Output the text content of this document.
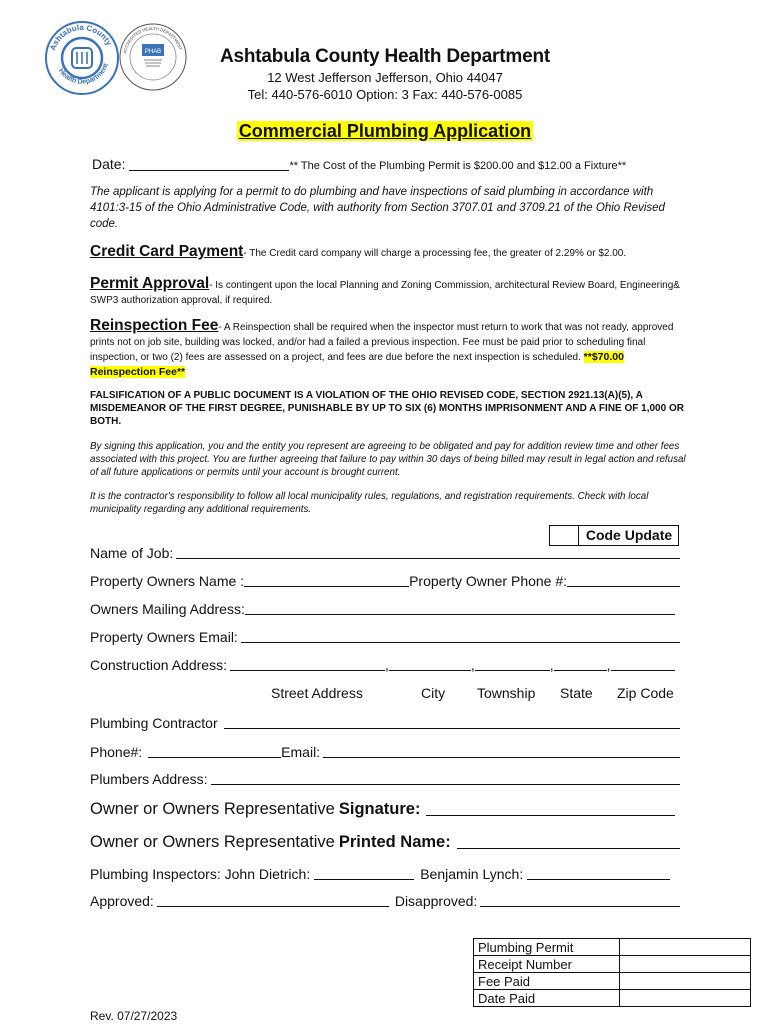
Ashtabula County
Health Department
PHAB
ACCREDITED HEALTH DEPARTMENT	Ashtabula County Health Department
12 West Jefferson Jefferson, Ohio 44047
Tel: 440-576-6010 Option: 3 Fax: 440-576-0085
Commercial Plumbing Application
Date:	** The Cost of the Plumbing Permit is $200.00 and $12.00 a Fixture**
The applicant is applying for a permit to do plumbing and have inspections of said plumbing in accordance with 4101:3-15 of the Ohio Administrative Code, with authority from Section 3707.01 and 3709.21 of the Ohio Revised code.
Credit Card Payment- The Credit card company will charge a processing fee, the greater of 2.29% or $2.00.
Permit Approval- Is contingent upon the local Planning and Zoning Commission, architectural Review Board, Engineering& SWP3 authorization approval, if required.
Reinspection Fee- A Reinspection shall be required when the inspector must return to work that was not ready, approved prints not on job site, building was locked, and/or had a failed a previous inspection. Fee must be paid prior to scheduling final inspection, or two (2) fees are assessed on a project, and fees are due before the next inspection is scheduled. **$70.00 Reinspection Fee**
FALSIFICATION OF A PUBLIC DOCUMENT IS A VIOLATION OF THE OHIO REVISED CODE, SECTION 2921.13(A)(5), A MISDEMEANOR OF THE FIRST DEGREE, PUNISHABLE BY UP TO SIX (6) MONTHS IMPRISONMENT AND A FINE OF 1,000 OR BOTH.
By signing this application, you and the entity you represent are agreeing to be obligated and pay for addition review time and other fees associated with this project. You are further agreeing that failure to pay within 30 days of being billed may result in legal action and refusal of all future applications or permits until your account is brought current.
It is the contractor's responsibility to follow all local municipality rules, regulations, and registration requirements. Check with local municipality regarding any additional requirements.
Code Update
Name of Job:
Property Owners Name :	Property Owner Phone #:
Owners Mailing Address:
Property Owners Email:
Construction Address:	,	,	,	,
Street Address	City Township State Zip Code
Plumbing Contractor
Phone#:	Email:
Plumbers Address:
Owner or Owners Representative Signature:
Owner or Owners Representative Printed Name:
Plumbing Inspectors: John Dietrich:	Benjamin Lynch:
Approved:	Disapproved:
Plumbing Permit	
Receipt Number	
Fee Paid	
Date Paid	
Rev. 07/27/2023
